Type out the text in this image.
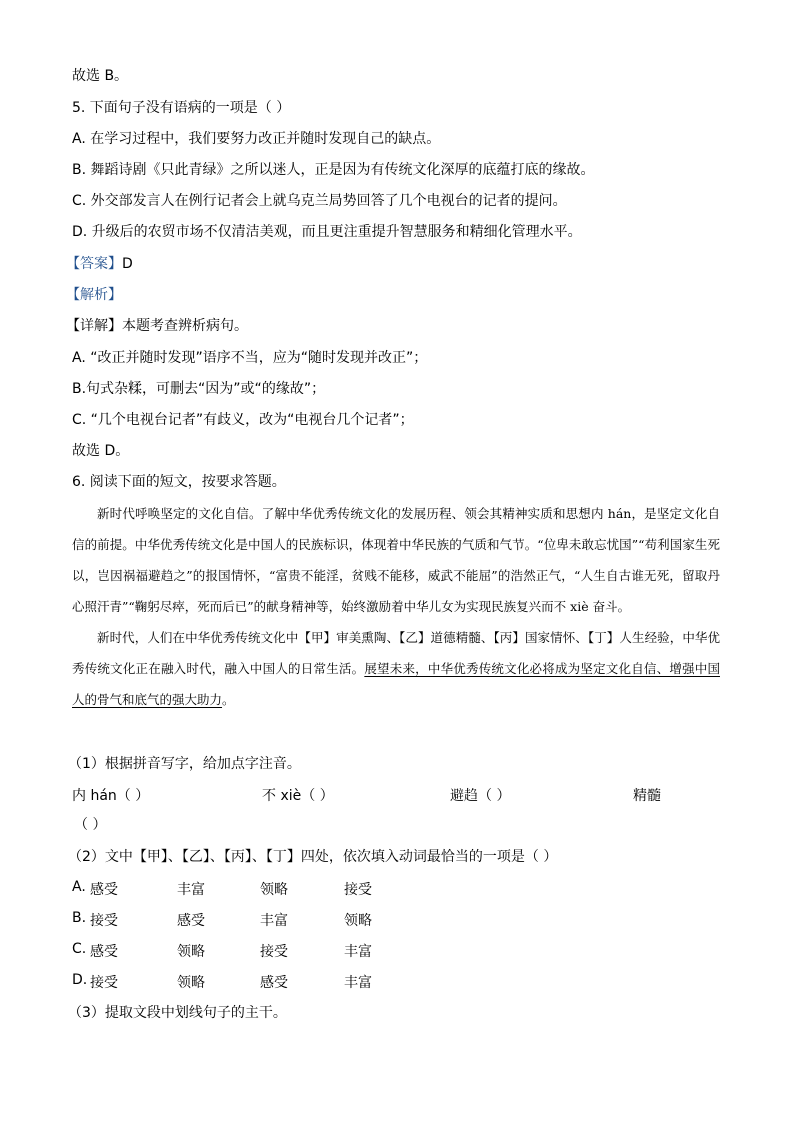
故选 B。
5. 下面句子没有语病的一项是（ ）
A. 在学习过程中，我们要努力改正并随时发现自己的缺点。
B. 舞蹈诗剧《只此青绿》之所以迷人，正是因为有传统文化深厚的底蕴打底的缘故。
C. 外交部发言人在例行记者会上就乌克兰局势回答了几个电视台的记者的提问。
D. 升级后的农贸市场不仅清洁美观，而且更注重提升智慧服务和精细化管理水平。
【答案】D
【解析】
【详解】本题考查辨析病句。
A. “改正并随时发现”语序不当，应为“随时发现并改正”；
B.句式杂糅，可删去“因为”或“的缘故”；
C. “几个电视台记者”有歧义，改为“电视台几个记者”；
故选 D。
6. 阅读下面的短文，按要求答题。

新时代呼唤坚定的文化自信。了解中华优秀传统文化的发展历程、领会其精神实质和思想内 hán，是坚定文化自信的前提。中华优秀传统文化是中国人的民族标识，体现着中华民族的气质和气节。“位卑未敢忘忧国”“苟利国家生死以，岂因祸福避趋之”的报国情怀，“富贵不能淫，贫贱不能移，威武不能屈”的浩然正气，“人生自古谁无死，留取丹心照汗青”“鞠躬尽瘁，死而后已”的献身精神等，始终激励着中华儿女为实现民族复兴而不 xiè 奋斗。

新时代，人们在中华优秀传统文化中【甲】审美熏陶、【乙】道德精髓、【丙】国家情怀、【丁】人生经验，中华优秀传统文化正在融入时代，融入中国人的日常生活。展望未来，中华优秀传统文化必将成为坚定文化自信、增强中国人的骨气和底气的强大助力。

（1）根据拼音写字，给加点字注音。
内 hán（ ）	不 xiè（ ）	避趋（ ）	精髓
（ ）
（2）文中【甲】、【乙】、【丙】、【丁】四处，依次填入动词最恰当的一项是（ ）
A. 感受	丰富	领略	接受
B. 接受	感受	丰富	领略
C. 感受	领略	接受	丰富
D. 接受	领略	感受	丰富
（3）提取文段中划线句子的主干。
